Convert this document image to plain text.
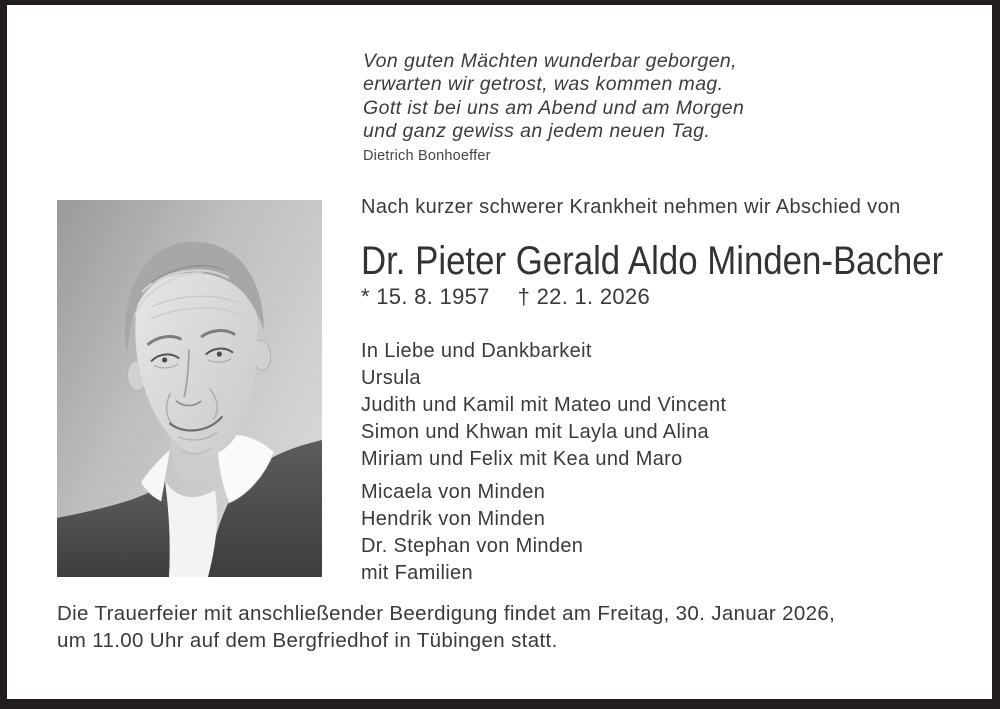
Von guten Mächten wunderbar geborgen,
erwarten wir getrost, was kommen mag.
Gott ist bei uns am Abend und am Morgen
und ganz gewiss an jedem neuen Tag.
Dietrich Bonhoeffer
Nach kurzer schwerer Krankheit nehmen wir Abschied von
Dr. Pieter Gerald Aldo Minden-Bacher
* 15. 8. 1957 † 22. 1. 2026
In Liebe und Dankbarkeit
Ursula
Judith und Kamil mit Mateo und Vincent
Simon und Khwan mit Layla und Alina
Miriam und Felix mit Kea und Maro
Micaela von Minden
Hendrik von Minden
Dr. Stephan von Minden
mit Familien
Die Trauerfeier mit anschließender Beerdigung findet am Freitag, 30. Januar 2026,
um 11.00 Uhr auf dem Bergfriedhof in Tübingen statt.
